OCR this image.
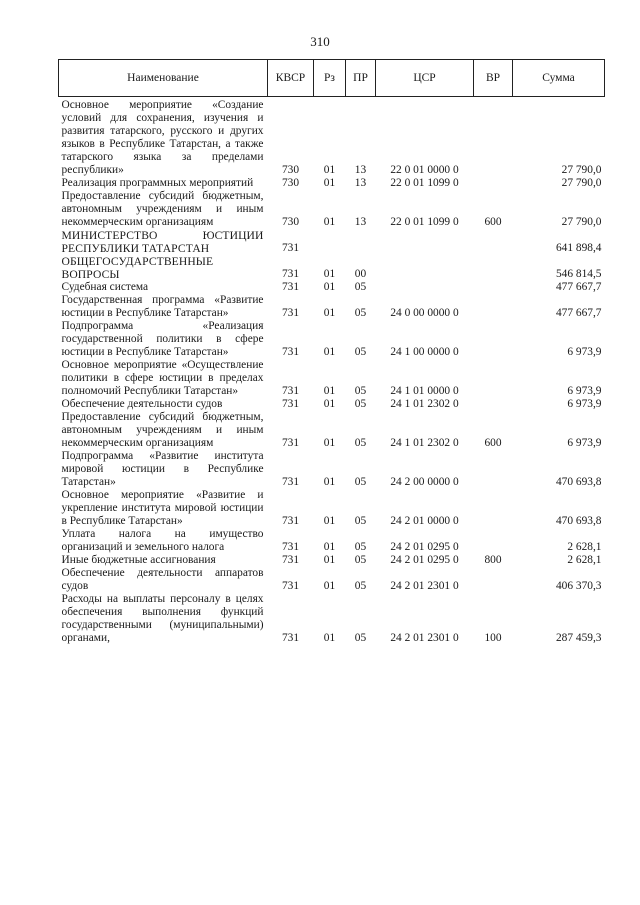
310
Наименование	КВСР	Рз	ПР	ЦСР	ВР	Сумма
Основное мероприятие «Создание условий для сохранения, изучения и развития татарского, русского и других языков в Республике Татарстан, а также татарского языка за пределами республики»	730	01	13	22 0 01 0000 0		27 790,0
Реализация программных мероприятий	730	01	13	22 0 01 1099 0		27 790,0
Предоставление субсидий бюджетным, автономным учреждениям и иным некоммерческим организациям	730	01	13	22 0 01 1099 0	600	27 790,0
МИНИСТЕРСТВО ЮСТИЦИИ РЕСПУБЛИКИ ТАТАРСТАН	731					641 898,4
ОБЩЕГОСУДАРСТВЕННЫЕ ВОПРОСЫ	731	01	00			546 814,5
Судебная система	731	01	05			477 667,7
Государственная программа «Развитие юстиции в Республике Татарстан»	731	01	05	24 0 00 0000 0		477 667,7
Подпрограмма «Реализация государственной политики в сфере юстиции в Республике Татарстан»	731	01	05	24 1 00 0000 0		6 973,9
Основное мероприятие «Осуществление политики в сфере юстиции в пределах полномочий Республики Татарстан»	731	01	05	24 1 01 0000 0		6 973,9
Обеспечение деятельности судов	731	01	05	24 1 01 2302 0		6 973,9
Предоставление субсидий бюджетным, автономным учреждениям и иным некоммерческим организациям	731	01	05	24 1 01 2302 0	600	6 973,9
Подпрограмма «Развитие института мировой юстиции в Республике Татарстан»	731	01	05	24 2 00 0000 0		470 693,8
Основное мероприятие «Развитие и укрепление института мировой юстиции в Республике Татарстан»	731	01	05	24 2 01 0000 0		470 693,8
Уплата налога на имущество организаций и земельного налога	731	01	05	24 2 01 0295 0		2 628,1
Иные бюджетные ассигнования	731	01	05	24 2 01 0295 0	800	2 628,1
Обеспечение деятельности аппаратов судов	731	01	05	24 2 01 2301 0		406 370,3
Расходы на выплаты персоналу в целях обеспечения выполнения функций государственными (муниципальными) органами,	731	01	05	24 2 01 2301 0	100	287 459,3
